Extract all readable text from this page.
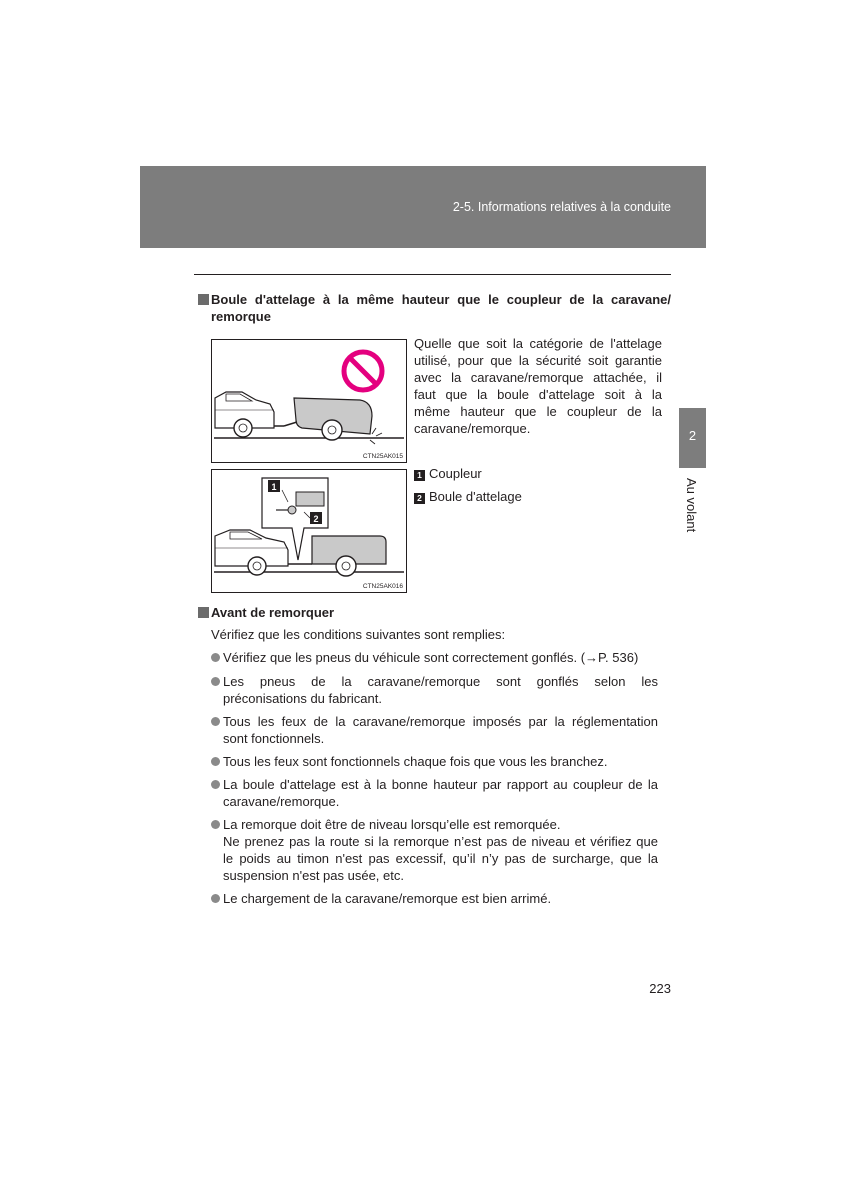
2-5. Informations relatives à la conduite
2
Au volant
Boule d'attelage à la même hauteur que le coupleur de la caravane/
remorque
CTN25AK015
1
2
CTN25AK016
Quelle que soit la catégorie de l'attelage
utilisé, pour que la sécurité soit garantie
avec la caravane/remorque attachée, il
faut que la boule d'attelage soit à la
même hauteur que le coupleur de la
caravane/remorque.
1 Coupleur
2 Boule d'attelage
Avant de remorquer
Vérifiez que les conditions suivantes sont remplies:
Vérifiez que les pneus du véhicule sont correctement gonflés. (→P. 536)
Les pneus de la caravane/remorque sont gonflés selon les
préconisations du fabricant.
Tous les feux de la caravane/remorque imposés par la réglementation
sont fonctionnels.
Tous les feux sont fonctionnels chaque fois que vous les branchez.
La boule d'attelage est à la bonne hauteur par rapport au coupleur de la
caravane/remorque.
La remorque doit être de niveau lorsqu’elle est remorquée.
Ne prenez pas la route si la remorque n’est pas de niveau et vérifiez que
le poids au timon n'est pas excessif, qu’il n’y pas de surcharge, que la
suspension n'est pas usée, etc.
Le chargement de la caravane/remorque est bien arrimé.
223
